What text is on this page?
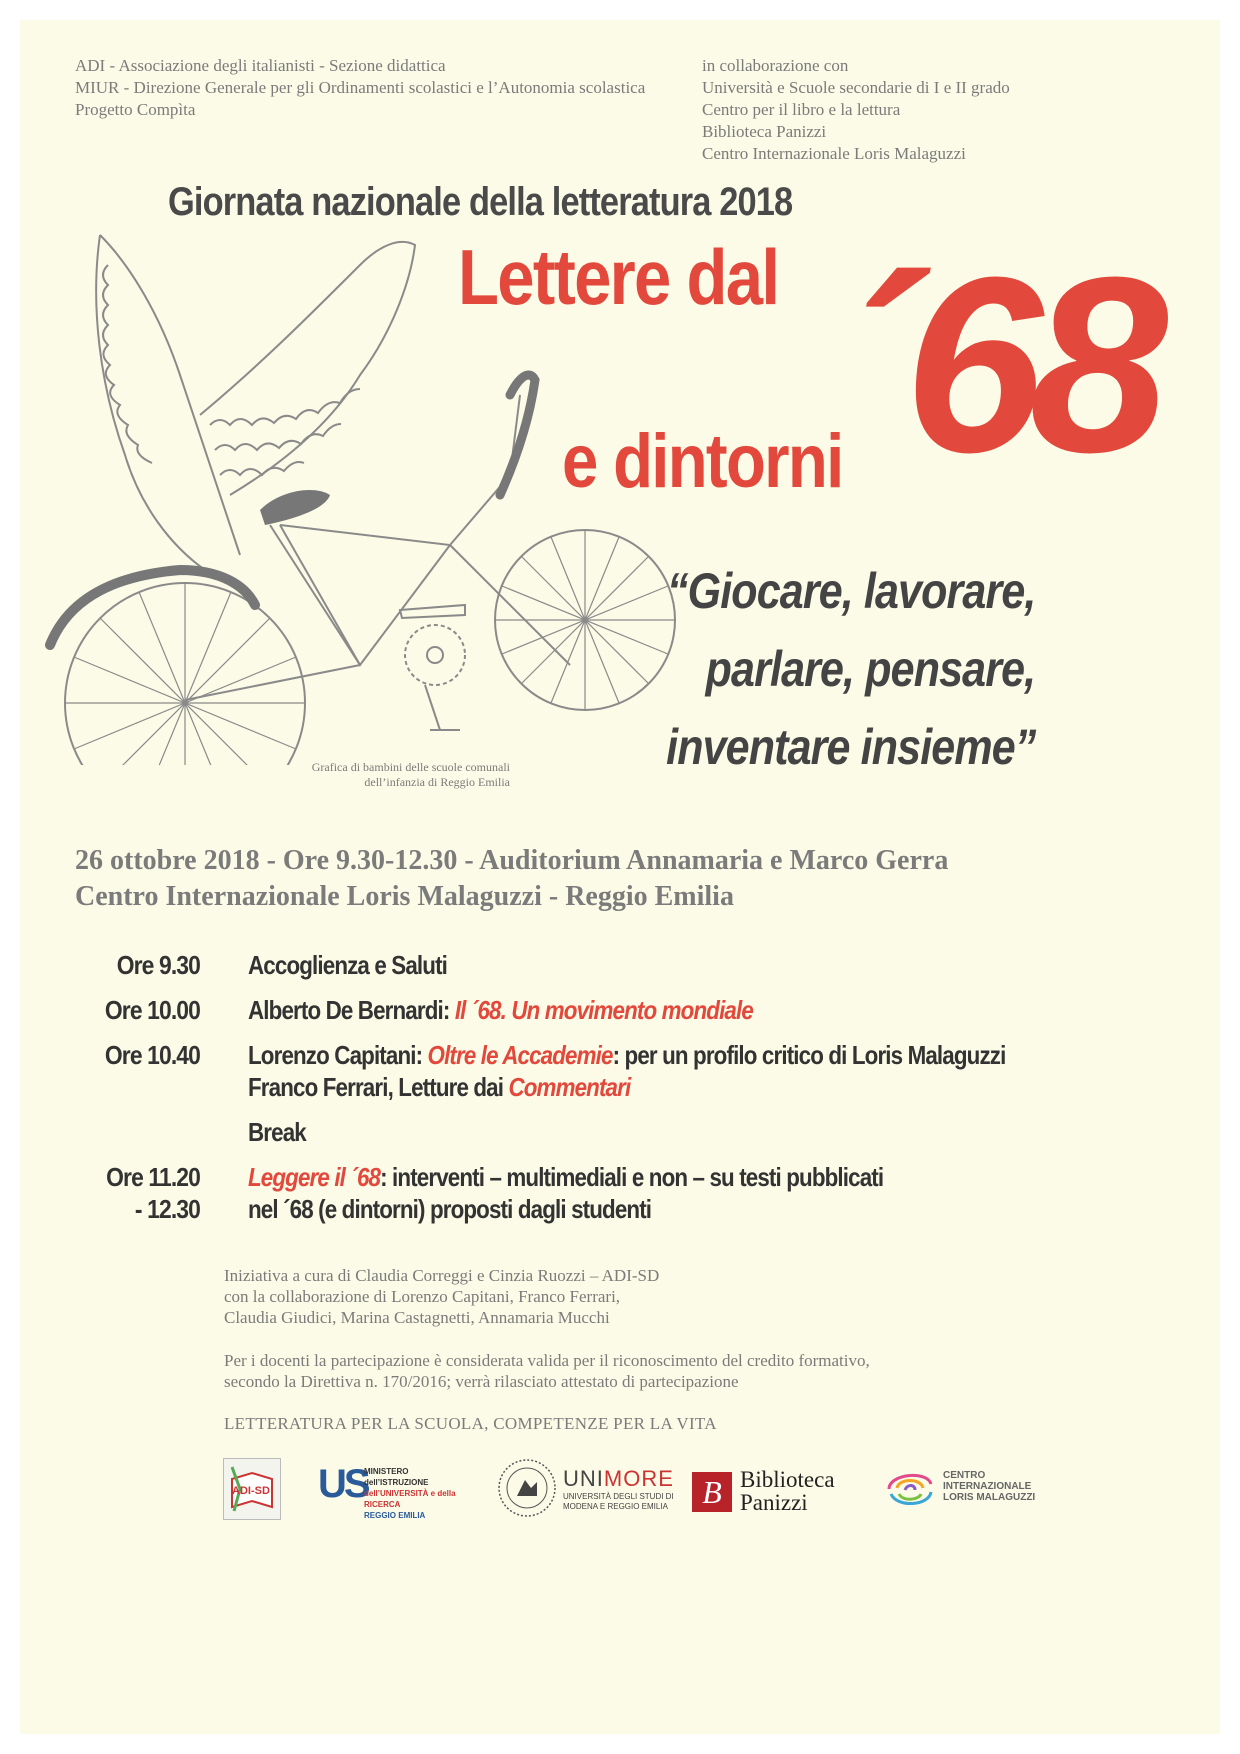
ADI - Associazione degli italianisti - Sezione didattica
MIUR - Direzione Generale per gli Ordinamenti scolastici e l’Autonomia scolastica
Progetto Compìta
in collaborazione con
Università e Scuole secondarie di I e II grado
Centro per il libro e la lettura
Biblioteca Panizzi
Centro Internazionale Loris Malaguzzi
Giornata nazionale della letteratura 2018
Lettere dal
e dintorni
´68
“Giocare, lavorare,
parlare, pensare,
inventare insieme”
Grafica di bambini delle scuole comunali
dell’infanzia di Reggio Emilia
26 ottobre 2018 - Ore 9.30-12.30 - Auditorium Annamaria e Marco Gerra
Centro Internazionale Loris Malaguzzi - Reggio Emilia
Ore 9.30 Accoglienza e Saluti
Ore 10.00 Alberto De Bernardi: Il ´68. Un movimento mondiale
Ore 10.40 Lorenzo Capitani: Oltre le Accademie: per un profilo critico di Loris Malaguzzi
Franco Ferrari, Letture dai Commentari
Break
Ore 11.20
- 12.30
Leggere il ´68: interventi – multimediali e non – su testi pubblicati
nel ´68 (e dintorni) proposti dagli studenti
Iniziativa a cura di Claudia Correggi e Cinzia Ruozzi – ADI-SD
con la collaborazione di Lorenzo Capitani, Franco Ferrari,
Claudia Giudici, Marina Castagnetti, Annamaria Mucchi
Per i docenti la partecipazione è considerata valida per il riconoscimento del credito formativo,
secondo la Direttiva n. 170/2016; verrà rilasciato attestato di partecipazione
LETTERATURA PER LA SCUOLA, COMPETENZE PER LA VITA
ADI-SD US
MINISTERO dell’ISTRUZIONE
dell’UNIVERSITÀ e della RICERCA
REGGIO EMILIA
UNIMORE
UNIVERSITÀ DEGLI STUDI DI
MODENA E REGGIO EMILIA	B Biblioteca
Panizzi
CENTRO
INTERNAZIONALE
LORIS MALAGUZZI
